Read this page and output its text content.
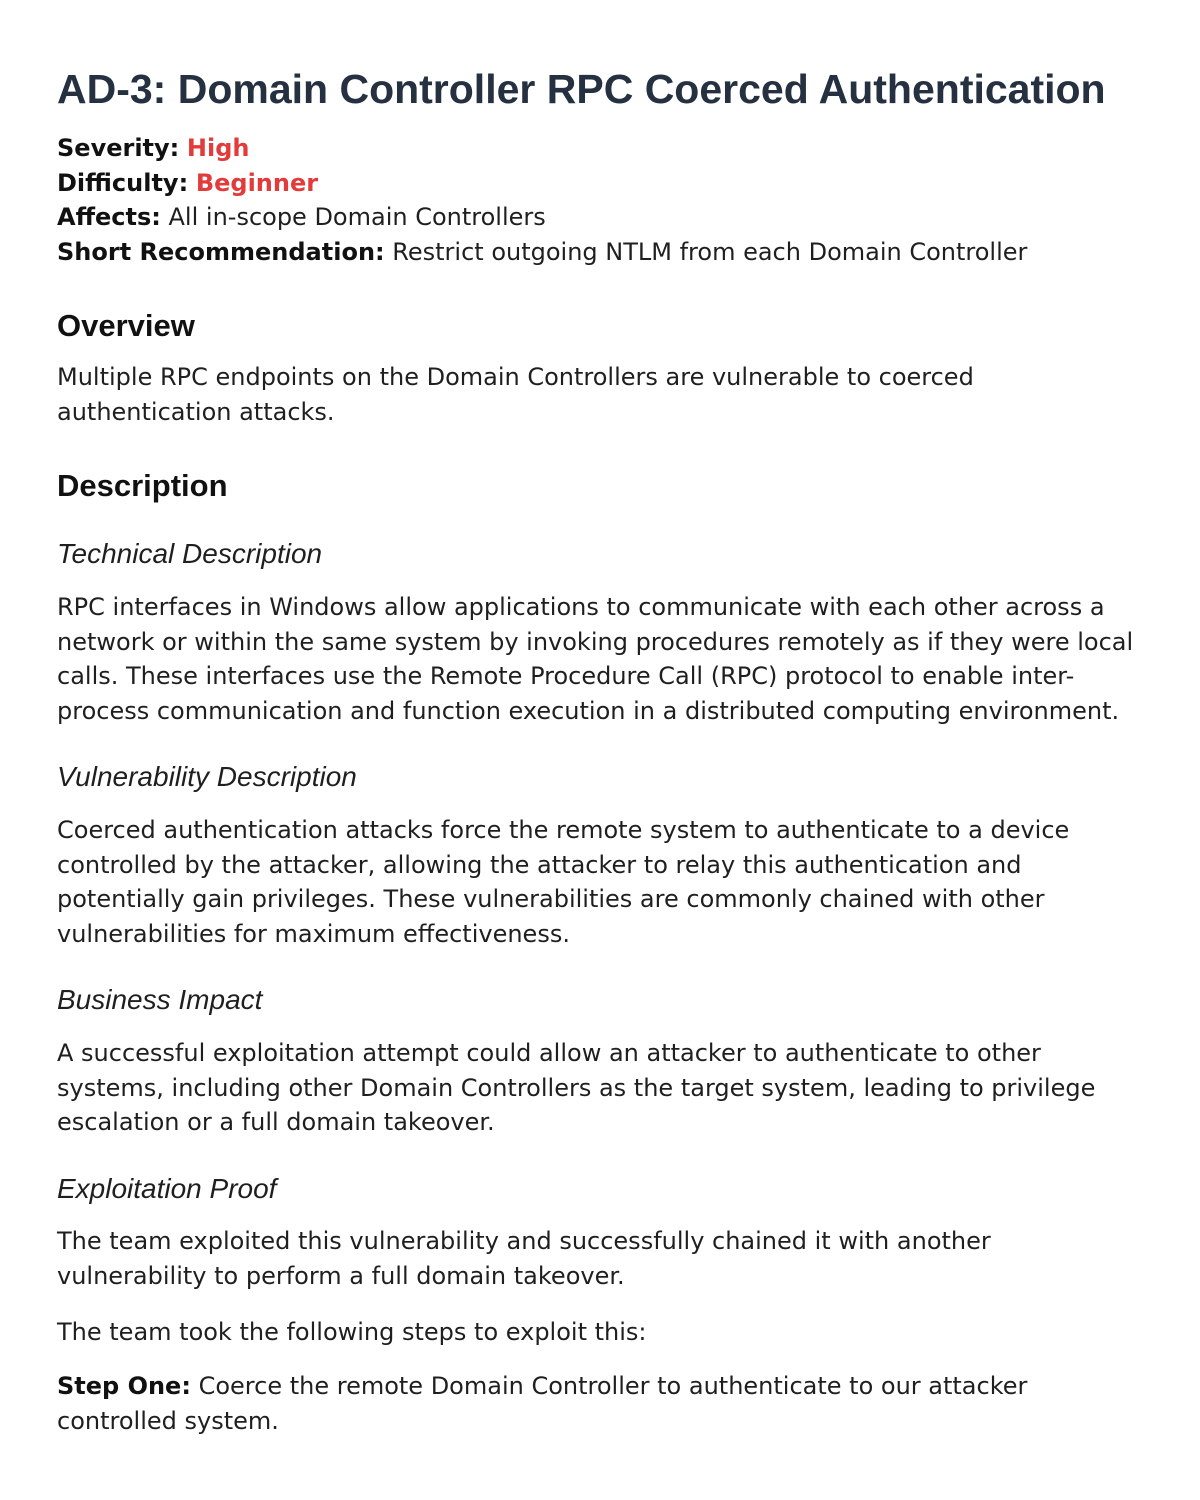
AD-3: Domain Controller RPC Coerced Authentication
Severity: High
Difficulty: Beginner
Affects: All in-scope Domain Controllers
Short Recommendation: Restrict outgoing NTLM from each Domain Controller
Overview

Multiple RPC endpoints on the Domain Controllers are vulnerable to coerced authentication attacks.

Description
Technical Description

RPC interfaces in Windows allow applications to communicate with each other across a network or within the same system by invoking procedures remotely as if they were local calls. These interfaces use the Remote Procedure Call (RPC) protocol to enable inter-process communication and function execution in a distributed computing environment.

Vulnerability Description

Coerced authentication attacks force the remote system to authenticate to a device controlled by the attacker, allowing the attacker to relay this authentication and potentially gain privileges. These vulnerabilities are commonly chained with other vulnerabilities for maximum effectiveness.

Business Impact

A successful exploitation attempt could allow an attacker to authenticate to other systems, including other Domain Controllers as the target system, leading to privilege escalation or a full domain takeover.

Exploitation Proof

The team exploited this vulnerability and successfully chained it with another vulnerability to perform a full domain takeover.

The team took the following steps to exploit this:

Step One: Coerce the remote Domain Controller to authenticate to our attacker controlled system.
